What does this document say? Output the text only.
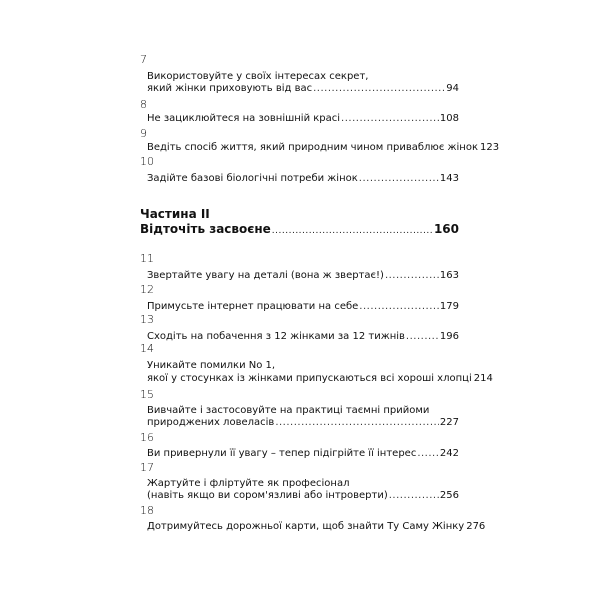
7
Використовуйте у своїх інтересах секрет,
який жінки приховують від вас .....	94
8
Не зациклюйтеся на зовнішній красі .....	108
9
Ведіть спосіб життя, який природним чином приваблює жінок 123
10
Задійте базові біологічні потреби жінок .....	143
Частина II
Відточіть засвоєне .....	160
11
Звертайте увагу на деталі (вона ж звертає!) .....	163
12
Примусьте інтернет працювати на себе .....	179
13
Сходіть на побачення з 12 жінками за 12 тижнів .....	196
14
Уникайте помилки No 1,
якої у стосунках із жінками припускаються всі хороші хлопці 214
15
Вивчайте і застосовуйте на практиці таємні прийоми
природжених ловеласів .....	227
16
Ви привернули її увагу – тепер підігрійте її інтерес ..... 242
17
Жартуйте і фліртуйте як професіонал
(навіть якщо ви сором'язливі або інтроверти) .....	256
18
Дотримуйтесь дорожньої карти, щоб знайти Ту Саму Жінку 276
